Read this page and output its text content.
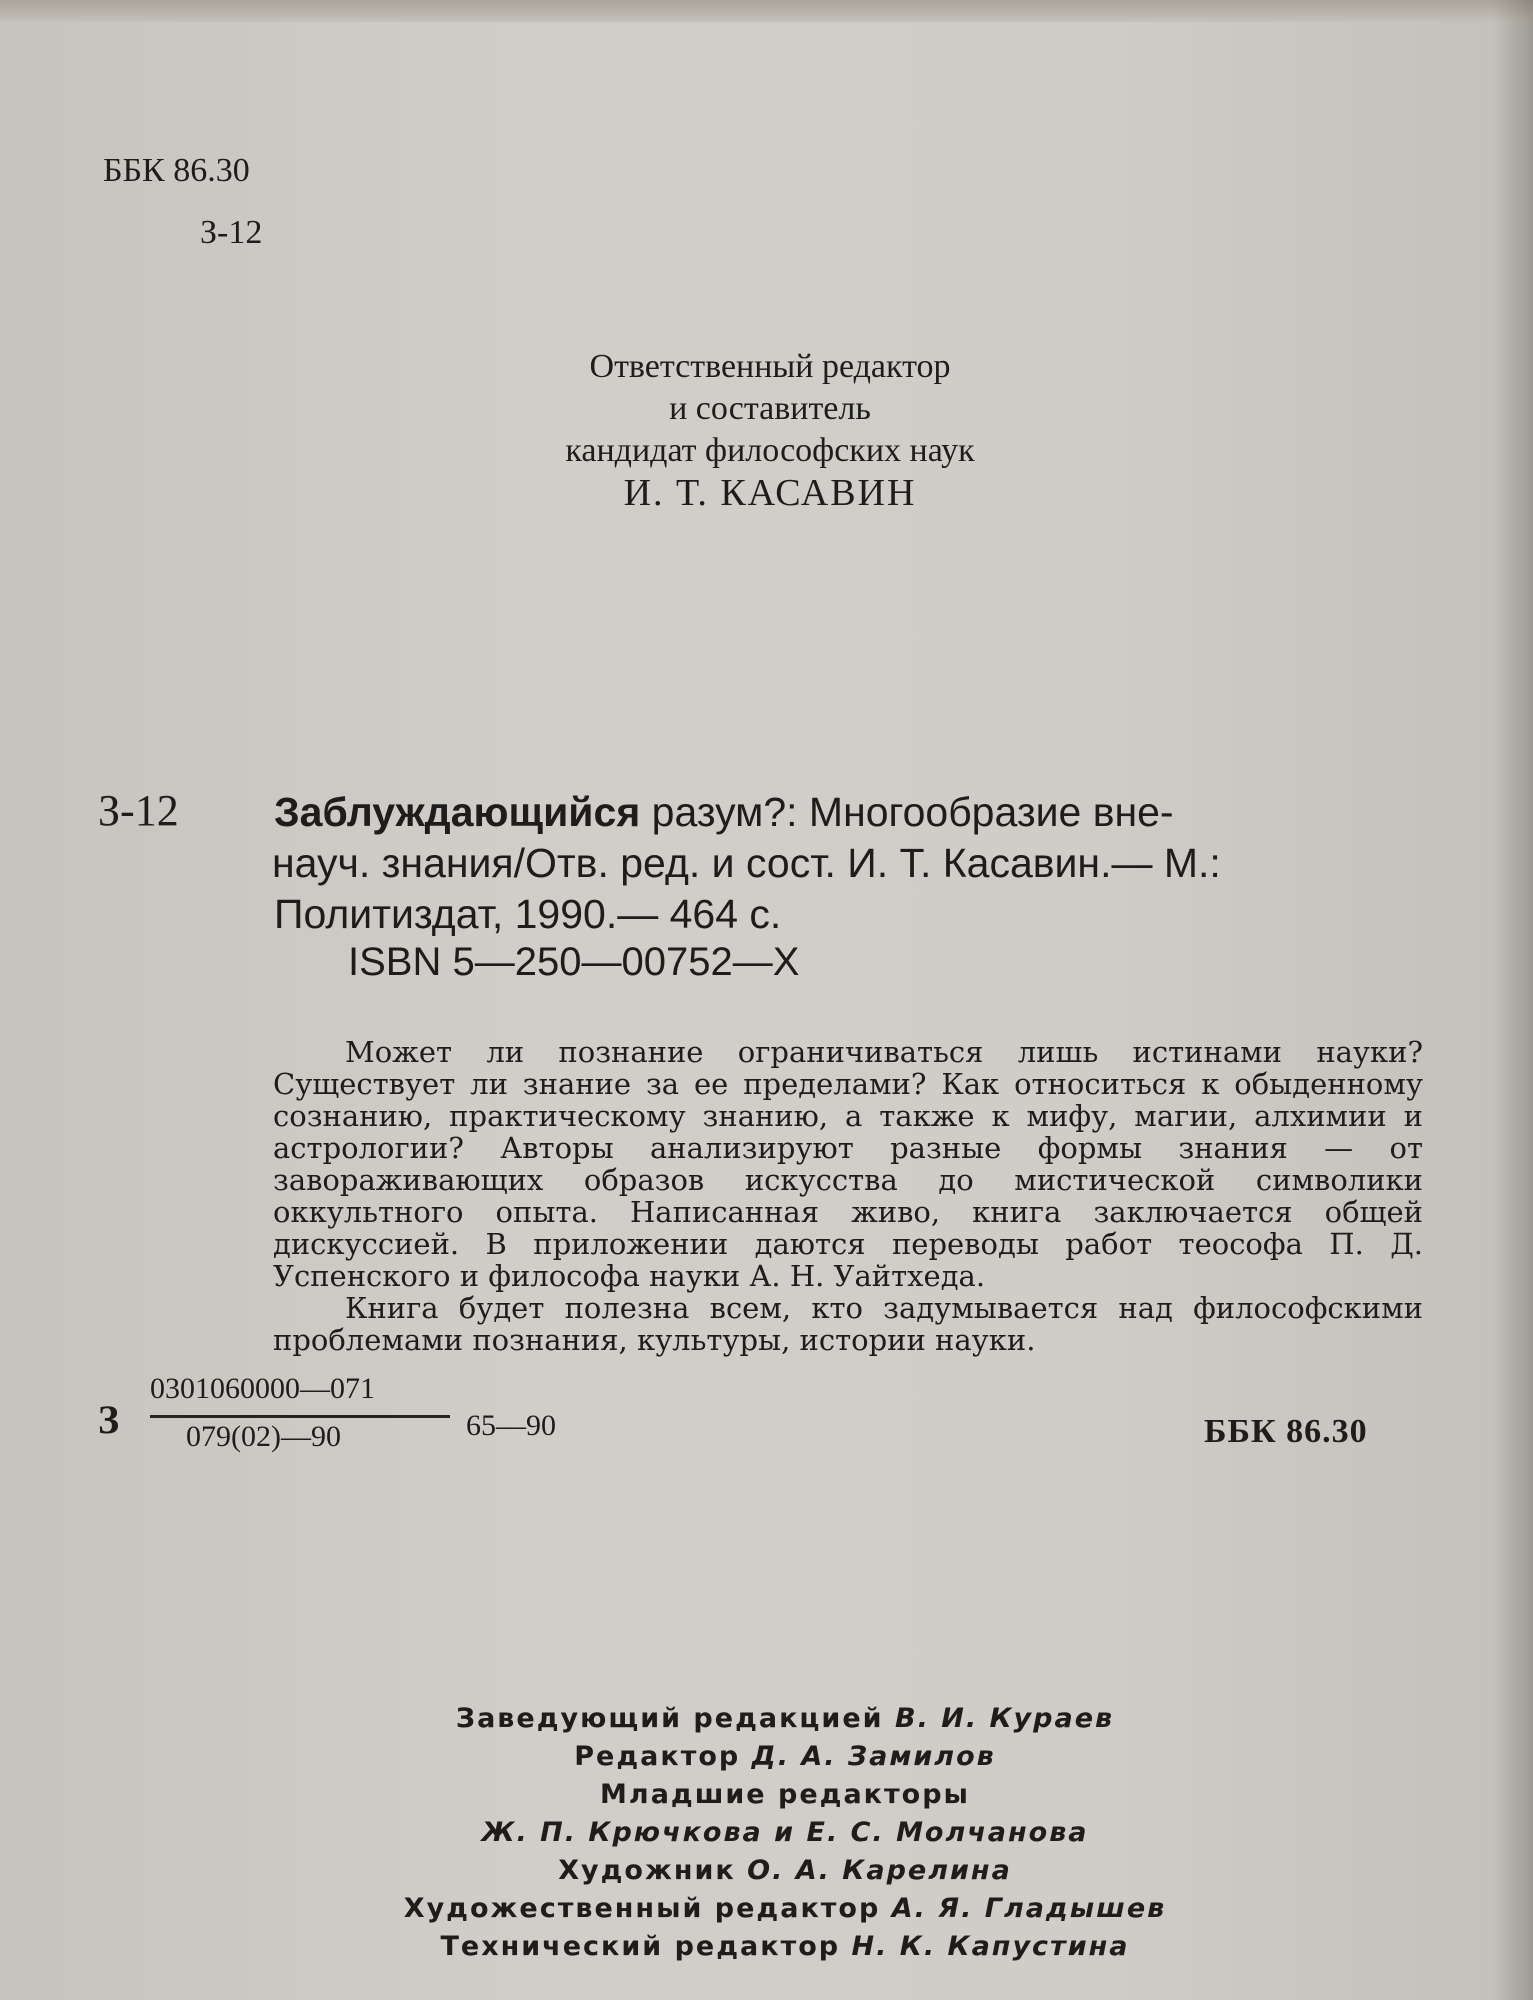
ББК 86.30
З-12
Ответственный редактор
и составитель
кандидат философских наук
И. Т. КАСАВИН
З-12 Заблуждающийся разум?: Многообразие вне-
науч. знания/Отв. ред. и сост. И. Т. Касавин.— М.:
Политиздат, 1990.— 464 с.
ISBN 5—250—00752—X

Может ли познание ограничиваться лишь истинами науки? Существует ли знание за ее пределами? Как относиться к обыденному сознанию, практическому знанию, а также к мифу, магии, алхимии и астрологии? Авторы анализируют разные формы знания — от завораживающих образов искусства до мистической символики оккультного опыта. Написанная живо, книга заключается общей дискуссией. В приложении даются переводы работ теософа П. Д. Успенского и философа науки А. Н. Уайтхеда.

Книга будет полезна всем, кто задумывается над философскими проблемами познания, культуры, истории науки.

З
0301060000—071
079(02)—90	65—90	ББК 86.30
Заведующий редакцией В. И. Кураев
Редактор Д. А. Замилов
Младшие редакторы
Ж. П. Крючкова и Е. С. Молчанова
Художник О. А. Карелина
Художественный редактор А. Я. Гладышев
Технический редактор Н. К. Капустина
